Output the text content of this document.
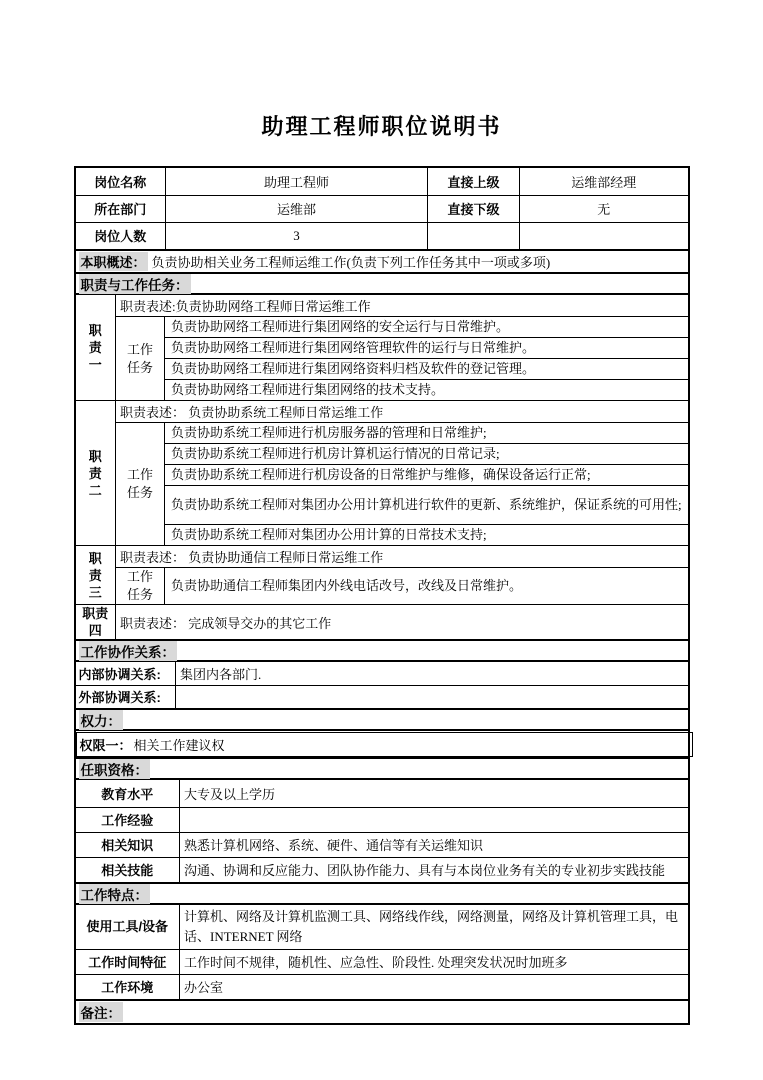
助理工程师职位说明书
岗位名称	助理工程师	直接上级	运维部经理
所在部门	运维部	直接下级	无
岗位人数	3		
本职概述： 负责协助相关业务工程师运维工作(负责下列工作任务其中一项或多项)
职责与工作任务：
职
责
一	职责表述:负责协助网络工程师日常运维工作	

	工作
任务	负责协助网络工程师进行集团网络的安全运行与日常维护。
		负责协助网络工程师进行集团网络管理软件的运行与日常维护。
		负责协助网络工程师进行集团网络资料归档及软件的登记管理。
		负责协助网络工程师进行集团网络的技术支持。

职
责
二	职责表述： 负责协助系统工程师日常运维工作	

	工作
任务	负责协助系统工程师进行机房服务器的管理和日常维护;
		负责协助系统工程师进行机房计算机运行情况的日常记录;
		负责协助系统工程师进行机房设备的日常维护与维修，确保设备运行正常;
		负责协助系统工程师对集团办公用计算机进行软件的更新、系统维护，保证系统的可用性;
		负责协助系统工程师对集团办公用计算的日常技术支持;

职
责
三	职责表述： 负责协助通信工程师日常运维工作	

	工作
任务	负责协助通信工程师集团内外线电话改号，改线及日常维护。

职责
四	职责表述： 完成领导交办的其它工作	
工作协作关系：
内部协调关系:	集团内各部门.
外部协调关系:	
权力：
权限一： 相关工作建议权
任职资格：
教育水平	大专及以上学历
工作经验	
相关知识	熟悉计算机网络、系统、硬件、通信等有关运维知识
相关技能	沟通、协调和反应能力、团队协作能力、具有与本岗位业务有关的专业初步实践技能
工作特点：
使用工具/设备	计算机、网络及计算机监测工具、网络线作线，网络测量，网络及计算机管理工具，电话、INTERNET 网络
工作时间特征	工作时间不规律，随机性、应急性、阶段性. 处理突发状况时加班多
工作环境	办公室
备注：
